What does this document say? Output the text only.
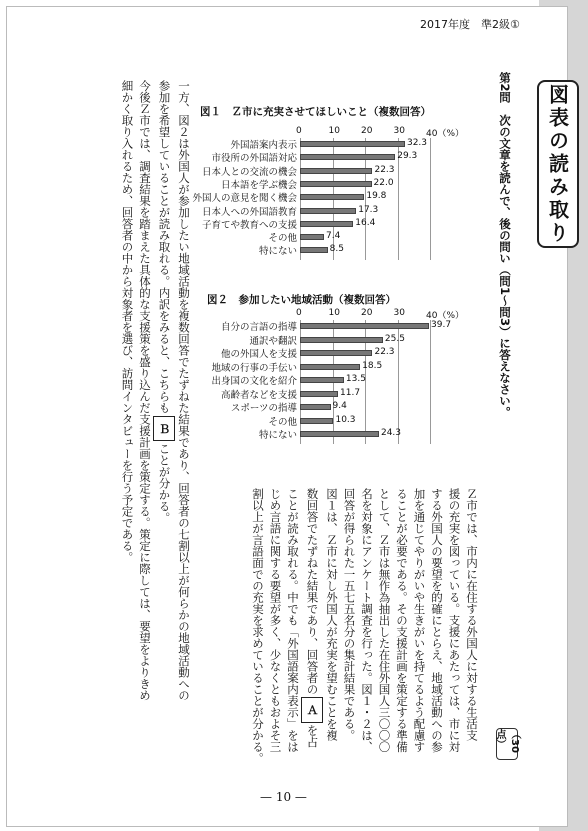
2017年度　準2級①
図表の読み取り
第2問　次の文章を読んで、後の問い（問1〜問3）に答えなさい。
（30点）
図１　Ｚ市に充実させてほしいこと（複数回答）
0	10 20 30 40（%）
外国語案内表示	32.3
市役所の外国語対応	29.3
日本人との交流の機会	22.3
日本語を学ぶ機会	22.0
外国人の意見を聞く機会	19.8
日本人への外国語教育	17.3
子育てや教育への支援	16.4
その他	7.4
特にない	8.5
図２　参加したい地域活動（複数回答）
0	10 20 30 40（%）
自分の言語の指導	39.7
通訳や翻訳	25.5
他の外国人を支援	22.3
地域の行事の手伝い	18.5
出身国の文化を紹介	13.5
高齢者などを支援	11.7
スポーツの指導	9.4
その他	10.3
特にない	24.3
Ｚ市では、市内に在住する外国人に対する生活支
援の充実を図っている。支援にあたっては、市に対
する外国人の要望を的確にとらえ、地域活動への参
加を通じてやりがいや生きがいを持てるよう配慮す
ることが必要である。その支援計画を策定する準備
として、Ｚ市は無作為抽出した在住外国人三〇〇〇
名を対象にアンケート調査を行った。図１・２は、
回答が得られた一五七五名分の集計結果である。
図１は、Ｚ市に対し外国人が充実を望むことを複
数回答でたずねた結果であり、回答者のＡを占
ことが読み取れる。中でも「外国語案内表示」をは
じめ言語に関する要望が多く、少なくともおよそ三
割以上が言語面での充実を求めていることが分かる。
一方、図２は外国人が参加したい地域活動を複数回答でたずねた結果であり、回答者の七割以上が何らかの地域活動への
参加を希望していることが読み取れる。内訳をみると、こちらもＢことが分かる。
今後Ｚ市では、調査結果を踏まえた具体的な支援策を盛り込んだ支援計画を策定する。策定に際しては、要望をよりきめ
細かく取り入れるため、回答者の中から対象者を選び、訪問インタビューを行う予定である。
— 10 —
